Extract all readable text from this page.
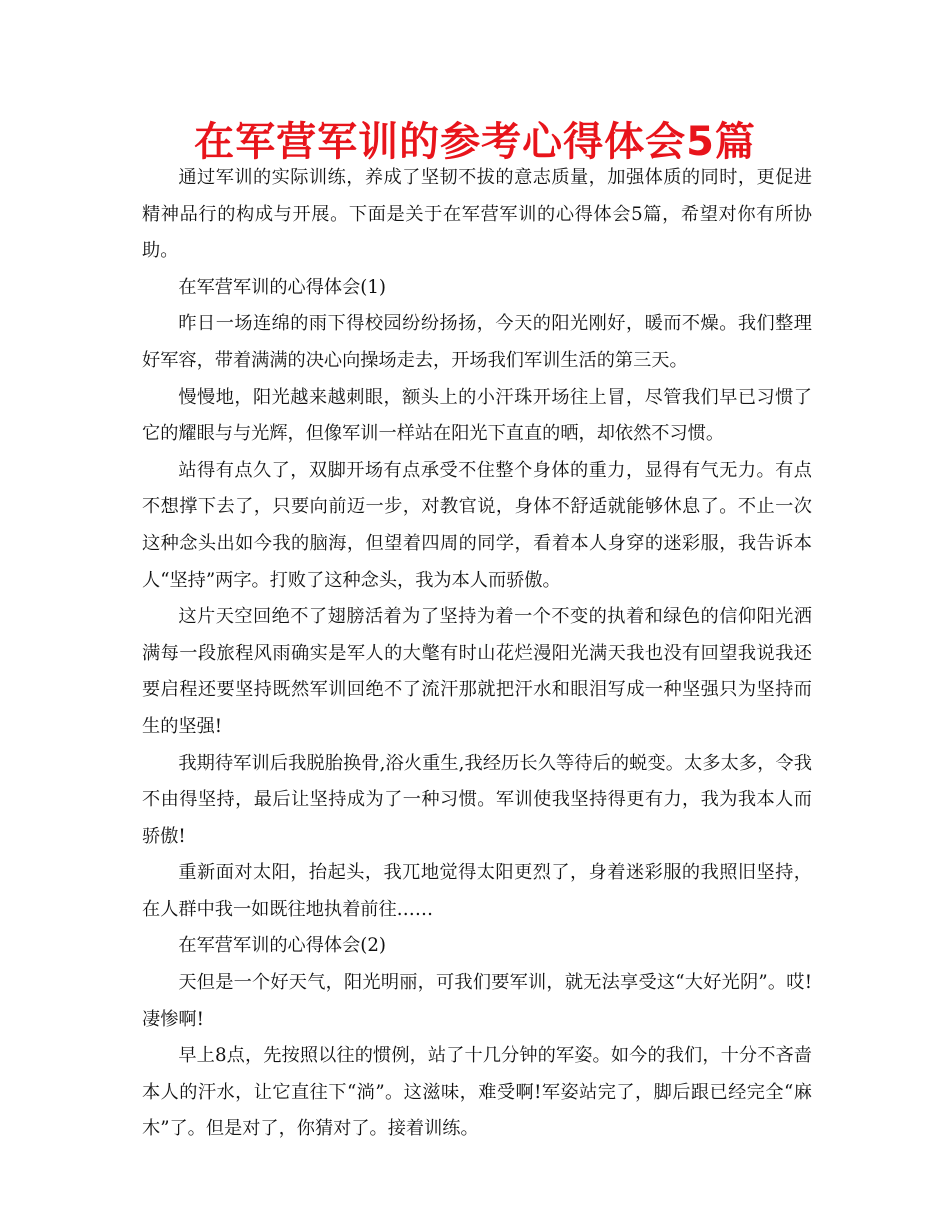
在军营军训的参考心得体会5篇

通过军训的实际训练，养成了坚韧不拔的意志质量，加强体质的同时，更促进精神品行的构成与开展。下面是关于在军营军训的心得体会5篇，希望对你有所协助。

在军营军训的心得体会(1)

昨日一场连绵的雨下得校园纷纷扬扬，今天的阳光刚好，暖而不燥。我们整理好军容，带着满满的决心向操场走去，开场我们军训生活的第三天。

慢慢地，阳光越来越刺眼，额头上的小汗珠开场往上冒，尽管我们早已习惯了它的耀眼与与光辉，但像军训一样站在阳光下直直的晒，却依然不习惯。

站得有点久了，双脚开场有点承受不住整个身体的重力，显得有气无力。有点不想撑下去了，只要向前迈一步，对教官说，身体不舒适就能够休息了。不止一次这种念头出如今我的脑海，但望着四周的同学，看着本人身穿的迷彩服，我告诉本人“坚持”两字。打败了这种念头，我为本人而骄傲。

这片天空回绝不了翅膀活着为了坚持为着一个不变的执着和绿色的信仰阳光洒满每一段旅程风雨确实是军人的大氅有时山花烂漫阳光满天我也没有回望我说我还要启程还要坚持既然军训回绝不了流汗那就把汗水和眼泪写成一种坚强只为坚持而生的坚强!

我期待军训后我脱胎换骨,浴火重生,我经历长久等待后的蜕变。太多太多，令我不由得坚持，最后让坚持成为了一种习惯。军训使我坚持得更有力，我为我本人而骄傲!

重新面对太阳，抬起头，我兀地觉得太阳更烈了，身着迷彩服的我照旧坚持，在人群中我一如既往地执着前往……

在军营军训的心得体会(2)

天但是一个好天气，阳光明丽，可我们要军训，就无法享受这“大好光阴”。哎!凄惨啊!

早上8点，先按照以往的惯例，站了十几分钟的军姿。如今的我们，十分不吝啬本人的汗水，让它直往下“淌”。这滋味，难受啊!军姿站完了，脚后跟已经完全“麻木”了。但是对了，你猜对了。接着训练。
